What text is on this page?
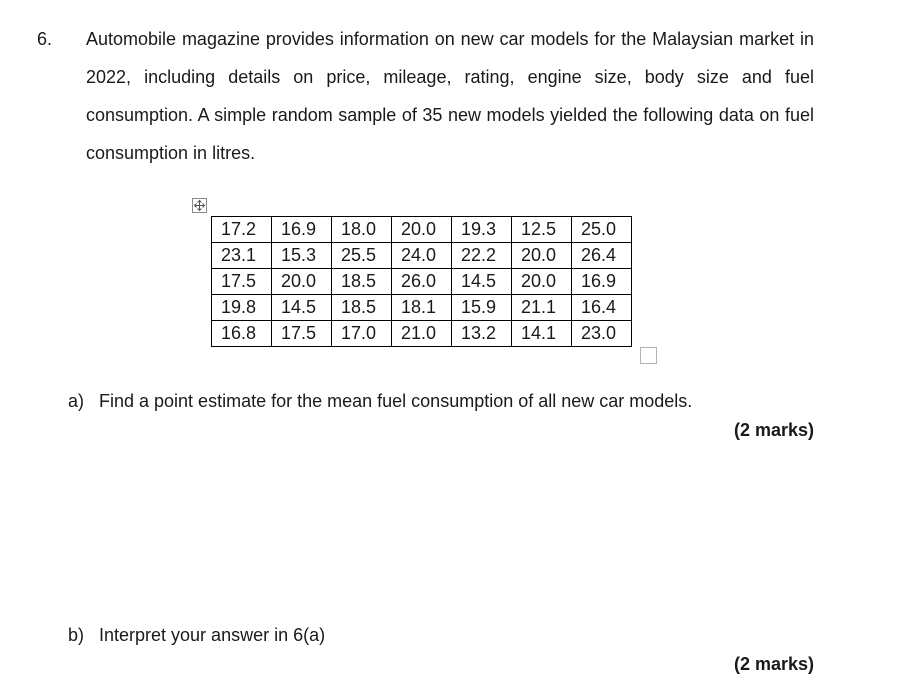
6. Automobile magazine provides information on new car models for the Malaysian market in 2022, including details on price, mileage, rating, engine size, body size and fuel consumption. A simple random sample of 35 new models yielded the following data on fuel consumption in litres.

17.2	16.9	18.0	20.0	19.3	12.5	25.0
23.1	15.3	25.5	24.0	22.2	20.0	26.4
17.5	20.0	18.5	26.0	14.5	20.0	16.9
19.8	14.5	18.5	18.1	15.9	21.1	16.4
16.8	17.5	17.0	21.0	13.2	14.1	23.0
a) Find a point estimate for the mean fuel consumption of all new car models.
(2 marks)
b) Interpret your answer in 6(a)
(2 marks)
